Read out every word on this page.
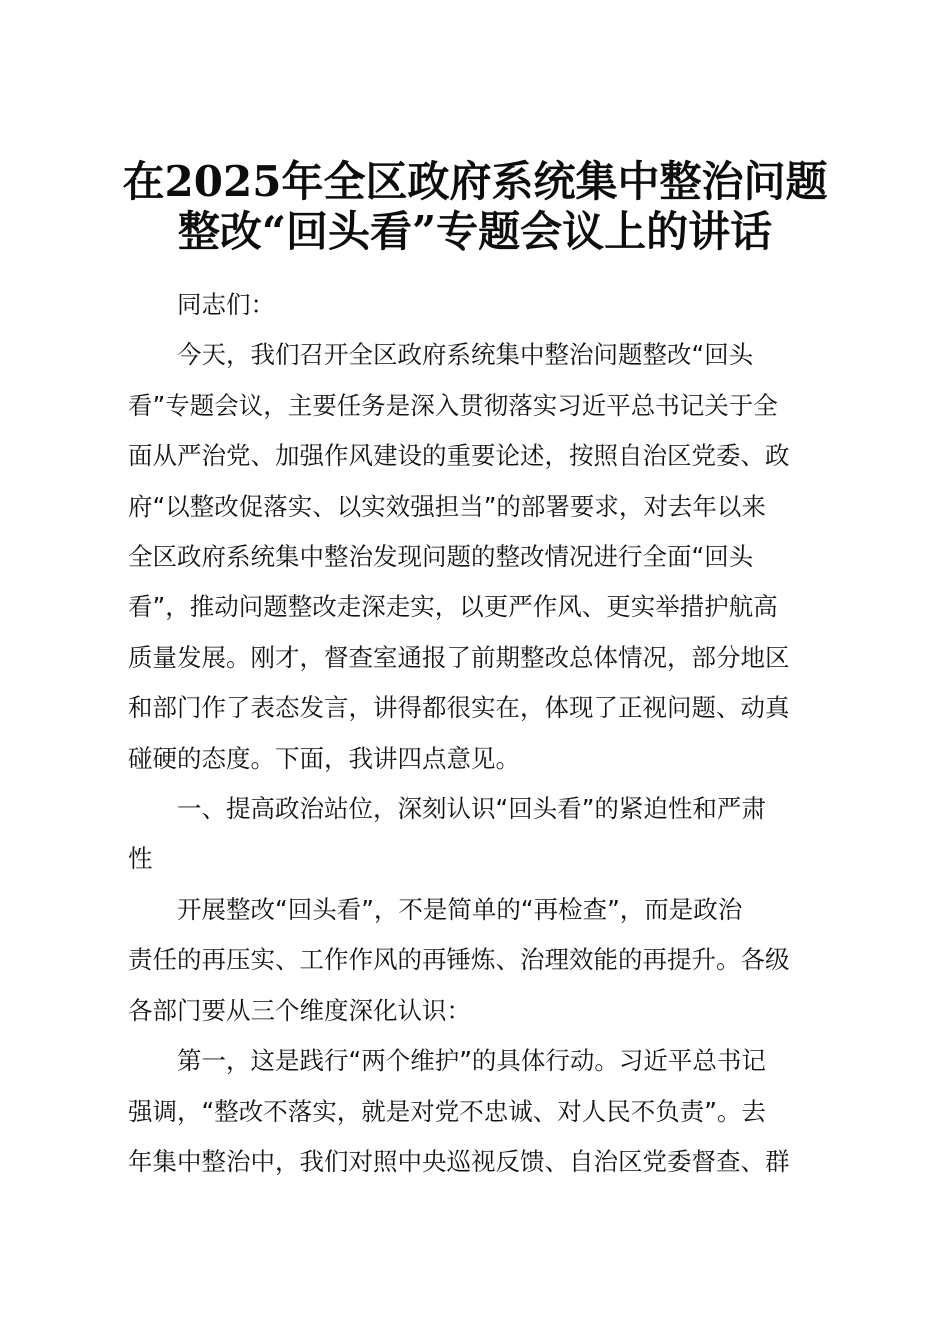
在2025年全区政府系统集中整治问题
整改“回头看”专题会议上的讲话
同志们：
今天，我们召开全区政府系统集中整治问题整改“回头
看”专题会议，主要任务是深入贯彻落实习近平总书记关于全
面从严治党、加强作风建设的重要论述，按照自治区党委、政
府“以整改促落实、以实效强担当”的部署要求，对去年以来
全区政府系统集中整治发现问题的整改情况进行全面“回头
看”，推动问题整改走深走实，以更严作风、更实举措护航高
质量发展。刚才，督查室通报了前期整改总体情况，部分地区
和部门作了表态发言，讲得都很实在，体现了正视问题、动真
碰硬的态度。下面，我讲四点意见。
一、提高政治站位，深刻认识“回头看”的紧迫性和严肃
性
开展整改“回头看”，不是简单的“再检查”，而是政治
责任的再压实、工作作风的再锤炼、治理效能的再提升。各级
各部门要从三个维度深化认识：
第一，这是践行“两个维护”的具体行动。习近平总书记
强调，“整改不落实，就是对党不忠诚、对人民不负责”。去
年集中整治中，我们对照中央巡视反馈、自治区党委督查、群
